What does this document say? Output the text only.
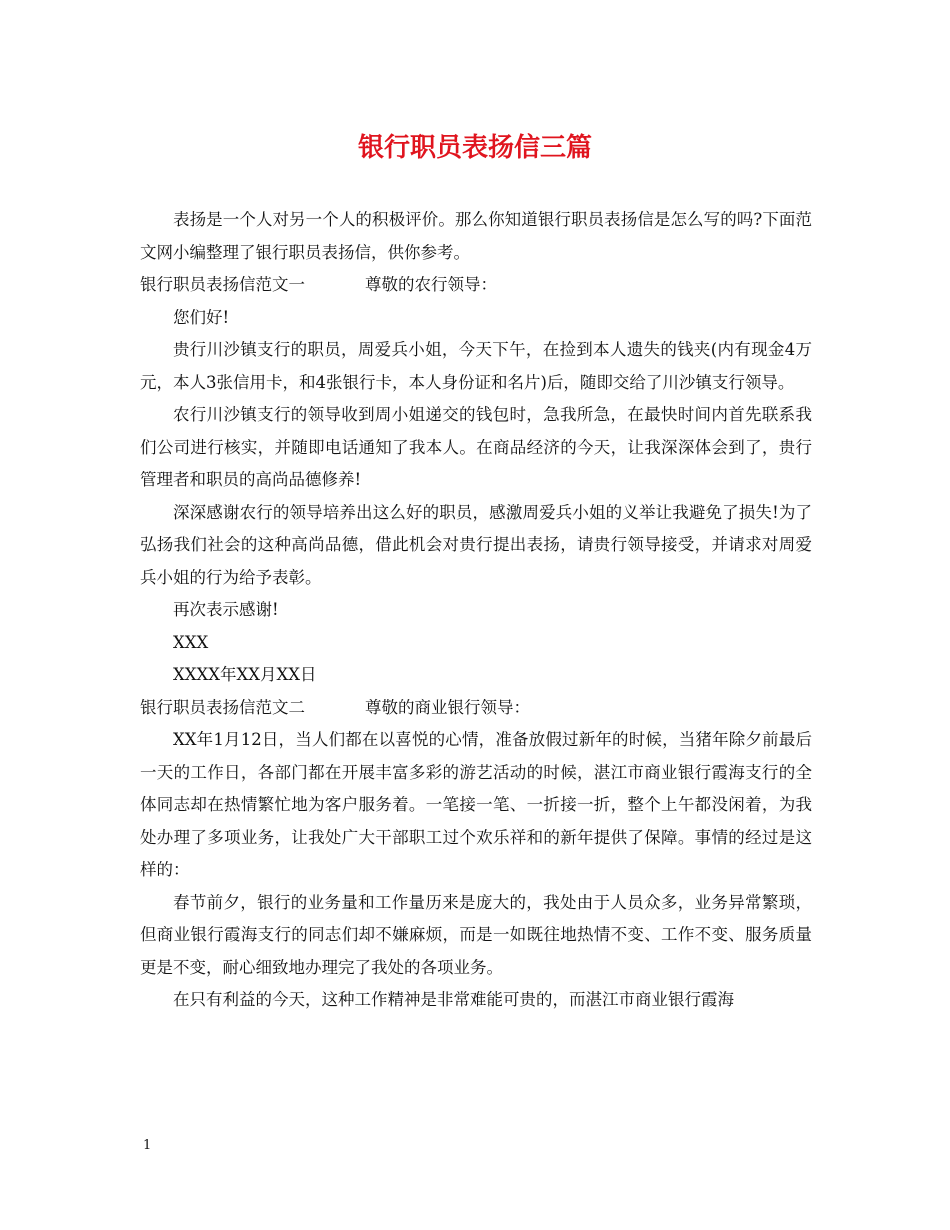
银行职员表扬信三篇

表扬是一个人对另一个人的积极评价。那么你知道银行职员表扬信是怎么写的吗?下面范文网小编整理了银行职员表扬信，供你参考。

银行职员表扬信范文一	尊敬的农行领导：

您们好!

贵行川沙镇支行的职员，周爱兵小姐，今天下午，在捡到本人遗失的钱夹(内有现金4万元，本人3张信用卡，和4张银行卡，本人身份证和名片)后，随即交给了川沙镇支行领导。

农行川沙镇支行的领导收到周小姐递交的钱包时，急我所急，在最快时间内首先联系我们公司进行核实，并随即电话通知了我本人。在商品经济的今天，让我深深体会到了，贵行管理者和职员的高尚品德修养!

深深感谢农行的领导培养出这么好的职员，感激周爱兵小姐的义举让我避免了损失!为了弘扬我们社会的这种高尚品德，借此机会对贵行提出表扬，请贵行领导接受，并请求对周爱兵小姐的行为给予表彰。

再次表示感谢!

XXX

XXXX年XX月XX日

银行职员表扬信范文二	尊敬的商业银行领导：

XX年1月12日，当人们都在以喜悦的心情，准备放假过新年的时候，当猪年除夕前最后一天的工作日，各部门都在开展丰富多彩的游艺活动的时候，湛江市商业银行霞海支行的全体同志却在热情繁忙地为客户服务着。一笔接一笔、一折接一折，整个上午都没闲着，为我处办理了多项业务，让我处广大干部职工过个欢乐祥和的新年提供了保障。事情的经过是这样的：

春节前夕，银行的业务量和工作量历来是庞大的，我处由于人员众多，业务异常繁琐，但商业银行霞海支行的同志们却不嫌麻烦，而是一如既往地热情不变、工作不变、服务质量更是不变，耐心细致地办理完了我处的各项业务。

在只有利益的今天，这种工作精神是非常难能可贵的，而湛江市商业银行霞海

1
